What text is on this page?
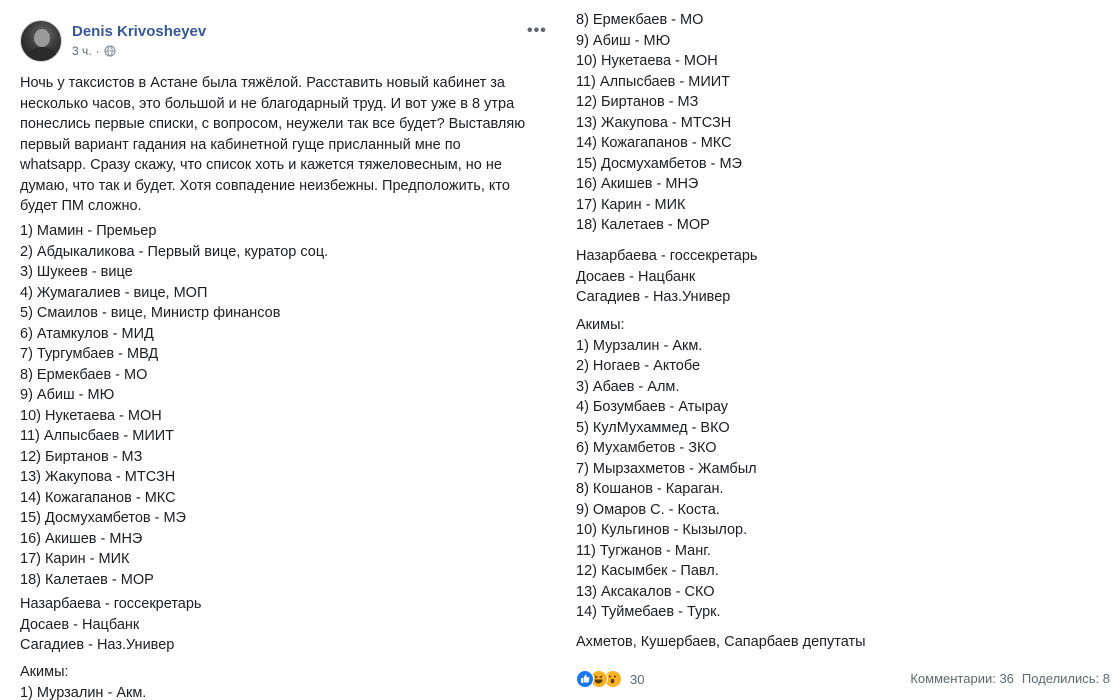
Denis Krivosheyev
3 ч. ·
•••
Ночь у таксистов в Астане была тяжёлой. Расставить новый кабинет за
несколько часов, это большой и не благодарный труд. И вот уже в 8 утра
понеслись первые списки, с вопросом, неужели так все будет? Выставляю
первый вариант гадания на кабинетной гуще присланный мне по
whatsapp. Сразу скажу, что список хоть и кажется тяжеловесным, но не
думаю, что так и будет. Хотя совпадение неизбежны. Предположить, кто
будет ПМ сложно.
1) Мамин - Премьер
2) Абдыкаликова - Первый вице, куратор соц.
3) Шукеев - вице
4) Жумагалиев - вице, МОП
5) Смаилов - вице, Министр финансов
6) Атамкулов - МИД
7) Тургумбаев - МВД
8) Ермекбаев - МО
9) Абиш - МЮ
10) Нукетаева - МОН
11) Алпысбаев - МИИТ
12) Биртанов - МЗ
13) Жакупова - МТСЗН
14) Кожагапанов - МКС
15) Досмухамбетов - МЭ
16) Акишев - МНЭ
17) Карин - МИК
18) Калетаев - МОР
Назарбаева - госсекретарь
Досаев - Нацбанк
Сагадиев - Наз.Универ
Акимы:
1) Мурзалин - Акм.
8) Ермекбаев - МО
9) Абиш - МЮ
10) Нукетаева - МОН
11) Алпысбаев - МИИТ
12) Биртанов - МЗ
13) Жакупова - МТСЗН
14) Кожагапанов - МКС
15) Досмухамбетов - МЭ
16) Акишев - МНЭ
17) Карин - МИК
18) Калетаев - МОР
Назарбаева - госсекретарь
Досаев - Нацбанк
Сагадиев - Наз.Универ
Акимы:
1) Мурзалин - Акм.
2) Ногаев - Актобе
3) Абаев - Алм.
4) Бозумбаев - Атырау
5) КулМухаммед - ВКО
6) Мухамбетов - ЗКО
7) Мырзахметов - Жамбыл
8) Кошанов - Караган.
9) Омаров С. - Коста.
10) Кульгинов - Кызылор.
11) Тугжанов - Манг.
12) Касымбек - Павл.
13) Аксакалов - СКО
14) Туймебаев - Турк.
Ахметов, Кушербаев, Сапарбаев депутаты
30	Комментарии: 36 Поделились: 8
